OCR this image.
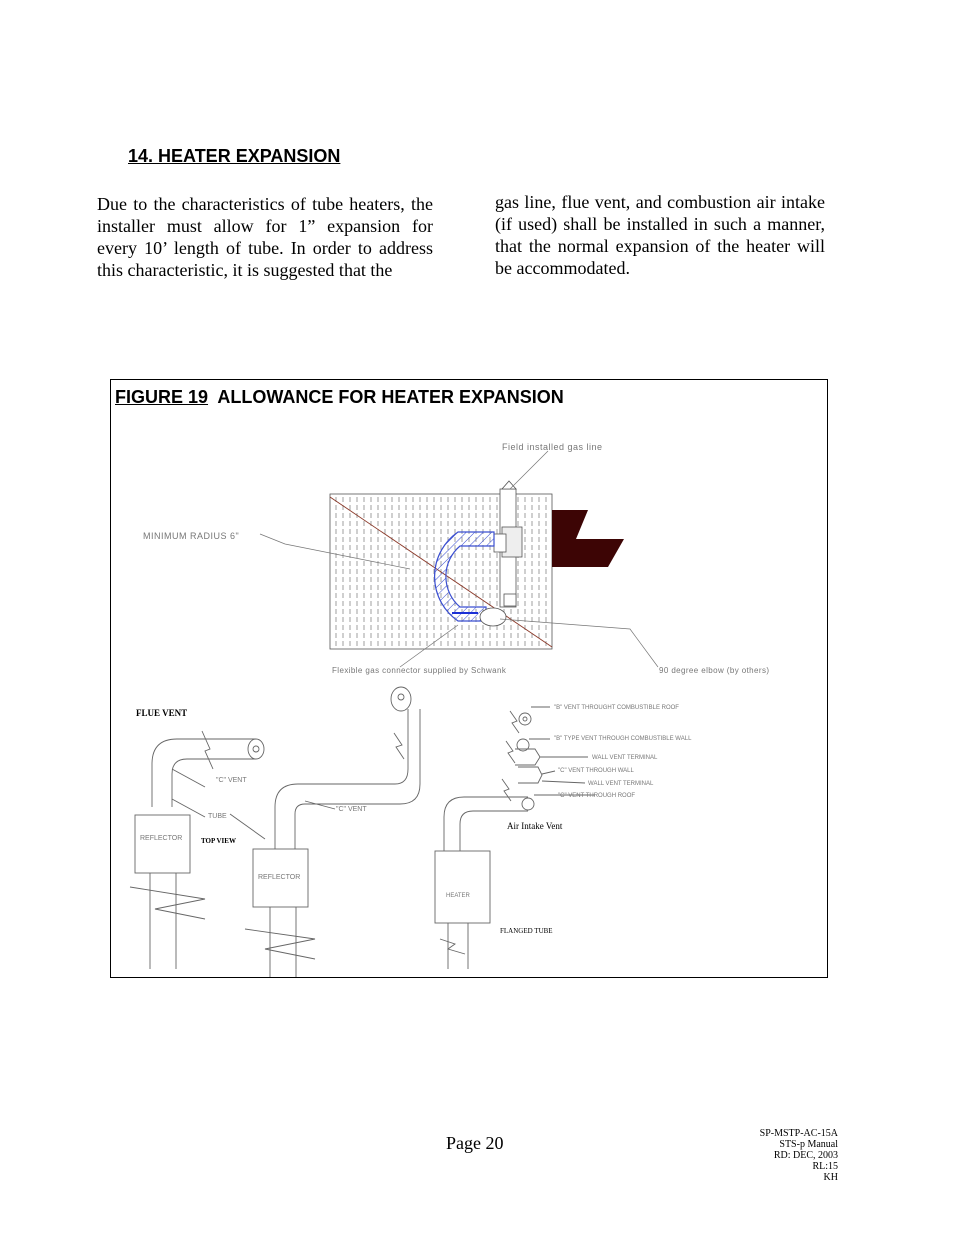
14. HEATER EXPANSION
Due to the characteristics of tube heaters, the installer must allow for 1” expansion for every 10’ length of tube. In order to address this characteristic, it is suggested that the
gas line, flue vent, and combustion air intake (if used) shall be installed in such a manner, that the normal expansion of the heater will be accommodated.
FIGURE 19 ALLOWANCE FOR HEATER EXPANSION
Field installed gas line
MINIMUM RADIUS 6"
Flexible gas connector supplied by Schwank	90 degree elbow (by others)
FLUE VENT
"C" VENT
TUBE
REFLECTOR	TOP VIEW
"C" VENT
REFLECTOR
"B" VENT THROUGHT COMBUSTIBLE ROOF
"B" TYPE VENT THROUGH COMBUSTIBLE WALL
WALL VENT TERMINAL
"C" VENT THROUGH WALL
WALL VENT TERMINAL
"C" VENT THROUGH ROOF
Air Intake Vent
HEATER
FLANGED TUBE
Page 20	SP-MSTP-AC-15A
STS-p Manual
RD: DEC, 2003
RL:15
KH
